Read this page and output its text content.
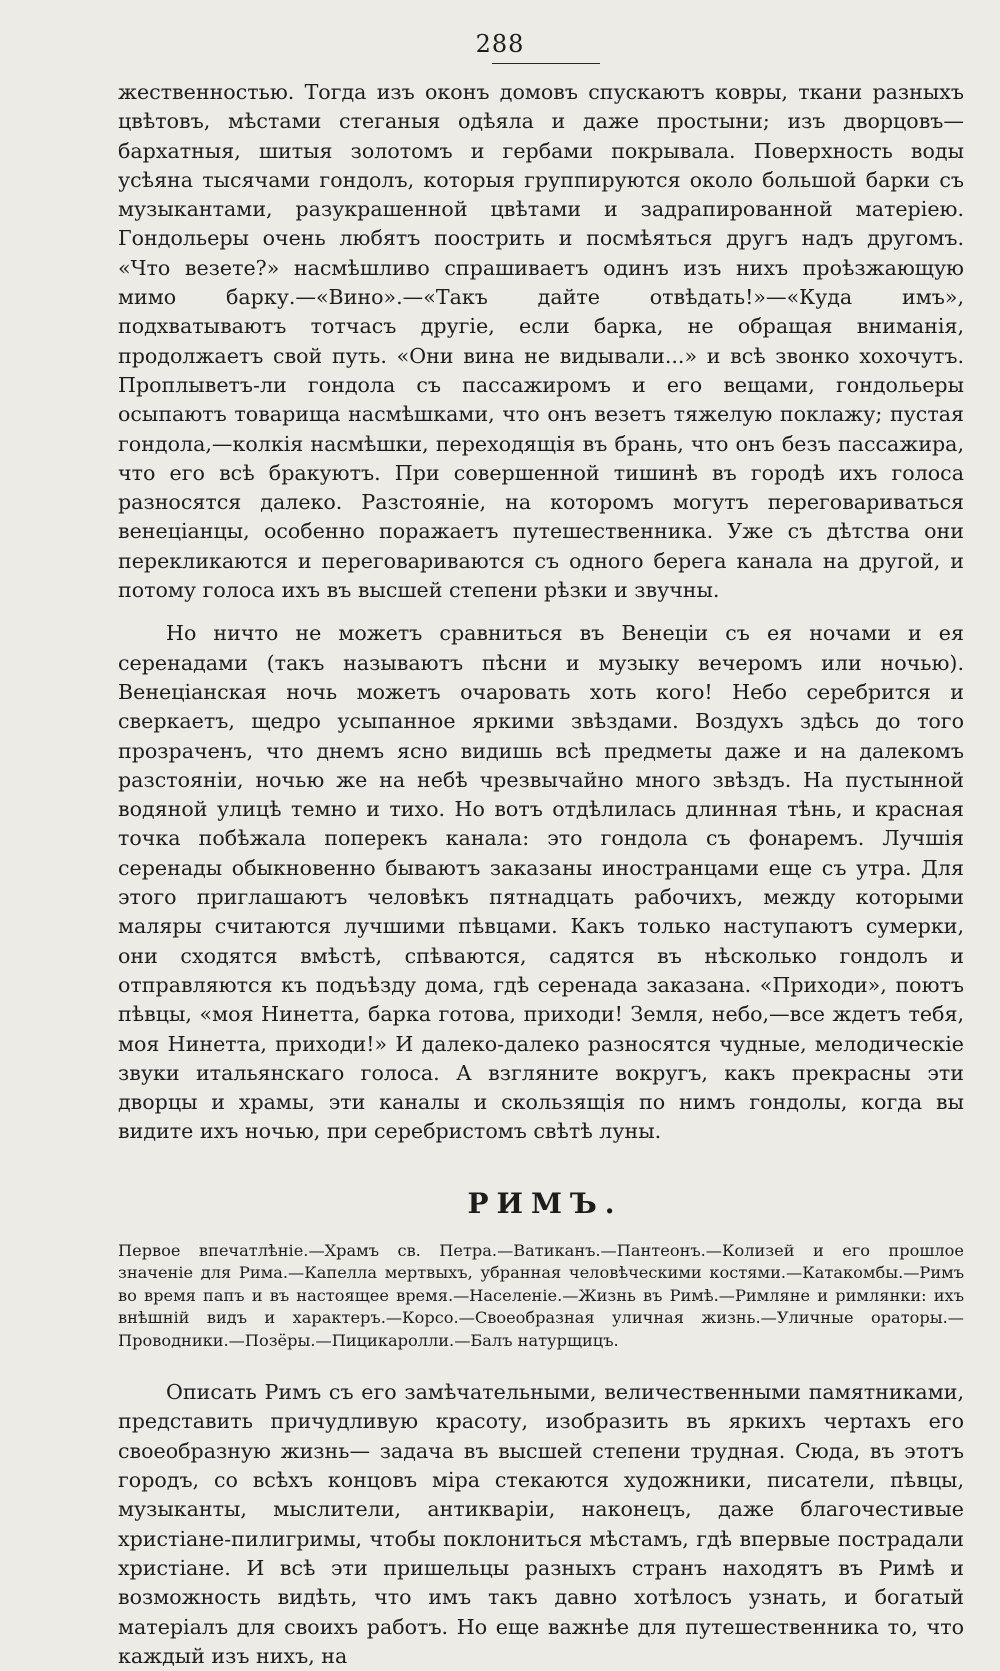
288

жественностью. Тогда изъ оконъ домовъ спускаютъ ковры, ткани разныхъ цвѣтовъ, мѣстами стеганыя одѣяла и даже простыни; изъ дворцовъ—бархатныя, шитыя золотомъ и гербами покрывала. Поверхность воды усѣяна тысячами гондолъ, которыя группируются около большой барки съ музыкантами, разукрашенной цвѣтами и задрапированной матеріею. Гондольеры очень любятъ поострить и посмѣяться другъ надъ другомъ. «Что везете?» насмѣшливо спрашиваетъ одинъ изъ нихъ проѣзжающую мимо барку.—«Вино».—«Такъ дайте отвѣдать!»—«Куда имъ», подхватываютъ тотчасъ другіе, если барка, не обращая вниманія, продолжаетъ свой путь. «Они вина не видывали...» и всѣ звонко хохочутъ. Проплыветъ-ли гондола съ пассажиромъ и его вещами, гондольеры осыпаютъ товарища насмѣшками, что онъ везетъ тяжелую поклажу; пустая гондола,—колкія насмѣшки, переходящія въ брань, что онъ безъ пассажира, что его всѣ бракуютъ. При совершенной тишинѣ въ городѣ ихъ голоса разносятся далеко. Разстояніе, на которомъ могутъ переговариваться венеціанцы, особенно поражаетъ путешественника. Уже съ дѣтства они перекликаются и переговариваются съ одного берега канала на другой, и потому голоса ихъ въ высшей степени рѣзки и звучны.

Но ничто не можетъ сравниться въ Венеціи съ ея ночами и ея серенадами (такъ называютъ пѣсни и музыку вечеромъ или ночью). Венеціанская ночь можетъ очаровать хоть кого! Небо серебрится и сверкаетъ, щедро усыпанное яркими звѣздами. Воздухъ здѣсь до того прозраченъ, что днемъ ясно видишь всѣ предметы даже и на далекомъ разстояніи, ночью же на небѣ чрезвычайно много звѣздъ. На пустынной водяной улицѣ темно и тихо. Но вотъ отдѣлилась длинная тѣнь, и красная точка побѣжала поперекъ канала: это гондола съ фонаремъ. Лучшія серенады обыкновенно бываютъ заказаны иностранцами еще съ утра. Для этого приглашаютъ человѣкъ пятнадцать рабочихъ, между которыми маляры считаются лучшими пѣвцами. Какъ только наступаютъ сумерки, они сходятся вмѣстѣ, спѣваются, садятся въ нѣсколько гондолъ и отправляются къ подъѣзду дома, гдѣ серенада заказана. «Приходи», поютъ пѣвцы, «моя Нинетта, барка готова, приходи! Земля, небо,—все ждетъ тебя, моя Нинетта, приходи!» И далеко-далеко разносятся чудные, мелодическіе звуки итальянскаго голоса. А взгляните вокругъ, какъ прекрасны эти дворцы и храмы, эти каналы и скользящія по нимъ гондолы, когда вы видите ихъ ночью, при серебристомъ свѣтѣ луны.

РИМЪ.

Первое впечатлѣніе.—Храмъ св. Петра.—Ватиканъ.—Пантеонъ.—Колизей и его прошлое значеніе для Рима.—Капелла мертвыхъ, убранная человѣческими костями.—Катакомбы.—Римъ во время папъ и въ настоящее время.—Населеніе.—Жизнь въ Римѣ.—Римляне и римлянки: ихъ внѣшній видъ и характеръ.—Корсо.—Своеобразная уличная жизнь.—Уличные ораторы.—Проводники.—Позёры.—Пицикаролли.—Балъ натурщицъ.

Описать Римъ съ его замѣчательными, величественными памятниками, представить причудливую красоту, изобразить въ яркихъ чертахъ его своеобразную жизнь— задача въ высшей степени трудная. Сюда, въ этотъ городъ, со всѣхъ концовъ міра стекаются художники, писатели, пѣвцы, музыканты, мыслители, антикваріи, наконецъ, даже благочестивые христіане-пилигримы, чтобы поклониться мѣстамъ, гдѣ впервые пострадали христіане. И всѣ эти пришельцы разныхъ странъ находятъ въ Римѣ и возможность видѣть, что имъ такъ давно хотѣлосъ узнать, и богатый матеріалъ для своихъ работъ. Но еще важнѣе для путешественника то, что каждый изъ нихъ, на
